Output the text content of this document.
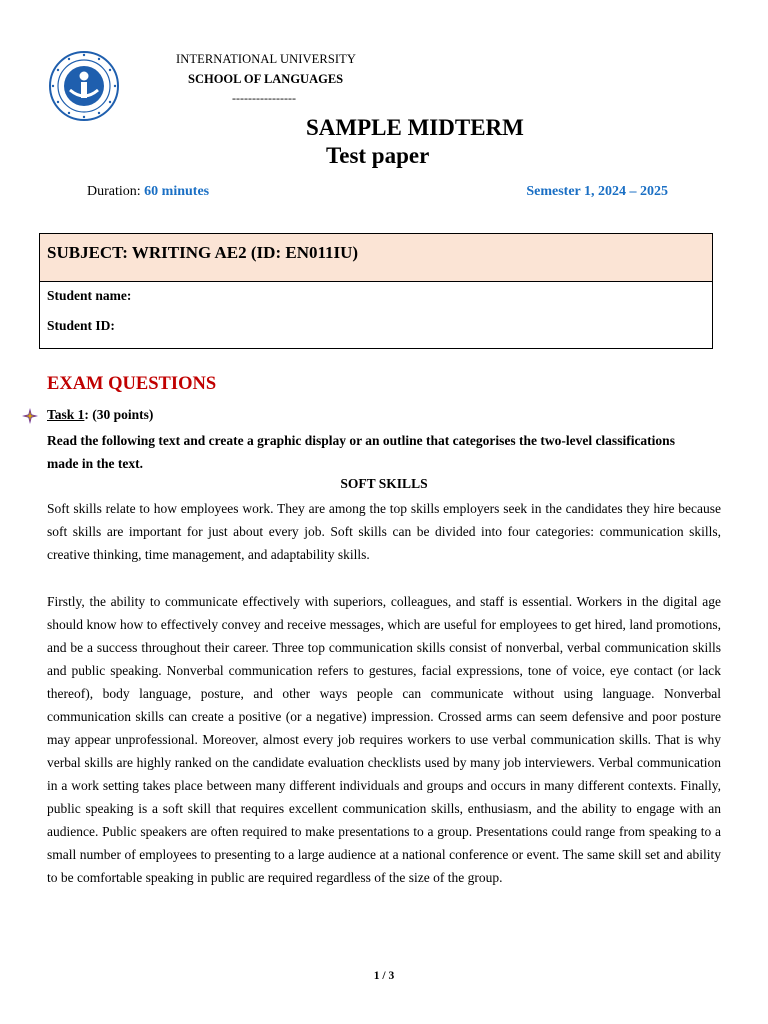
INTERNATIONAL UNIVERSITY
SCHOOL OF LANGUAGES
----------------
SAMPLE MIDTERM
Test paper
Duration: 60 minutes	Semester 1, 2024 – 2025
SUBJECT: WRITING AE2 (ID: EN011IU)
Student name:
Student ID:
EXAM QUESTIONS
Task 1: (30 points)
Read the following text and create a graphic display or an outline that categorises the two-level classifications made in the text.
SOFT SKILLS
Soft skills relate to how employees work. They are among the top skills employers seek in the candidates they hire because soft skills are important for just about every job. Soft skills can be divided into four categories: communication skills, creative thinking, time management, and adaptability skills.
Firstly, the ability to communicate effectively with superiors, colleagues, and staff is essential. Workers in the digital age should know how to effectively convey and receive messages, which are useful for employees to get hired, land promotions, and be a success throughout their career. Three top communication skills consist of nonverbal, verbal communication skills and public speaking. Nonverbal communication refers to gestures, facial expressions, tone of voice, eye contact (or lack thereof), body language, posture, and other ways people can communicate without using language. Nonverbal communication skills can create a positive (or a negative) impression. Crossed arms can seem defensive and poor posture may appear unprofessional. Moreover, almost every job requires workers to use verbal communication skills. That is why verbal skills are highly ranked on the candidate evaluation checklists used by many job interviewers. Verbal communication in a work setting takes place between many different individuals and groups and occurs in many different contexts. Finally, public speaking is a soft skill that requires excellent communication skills, enthusiasm, and the ability to engage with an audience. Public speakers are often required to make presentations to a group. Presentations could range from speaking to a small number of employees to presenting to a large audience at a national conference or event. The same skill set and ability to be comfortable speaking in public are required regardless of the size of the group.
1 / 3
